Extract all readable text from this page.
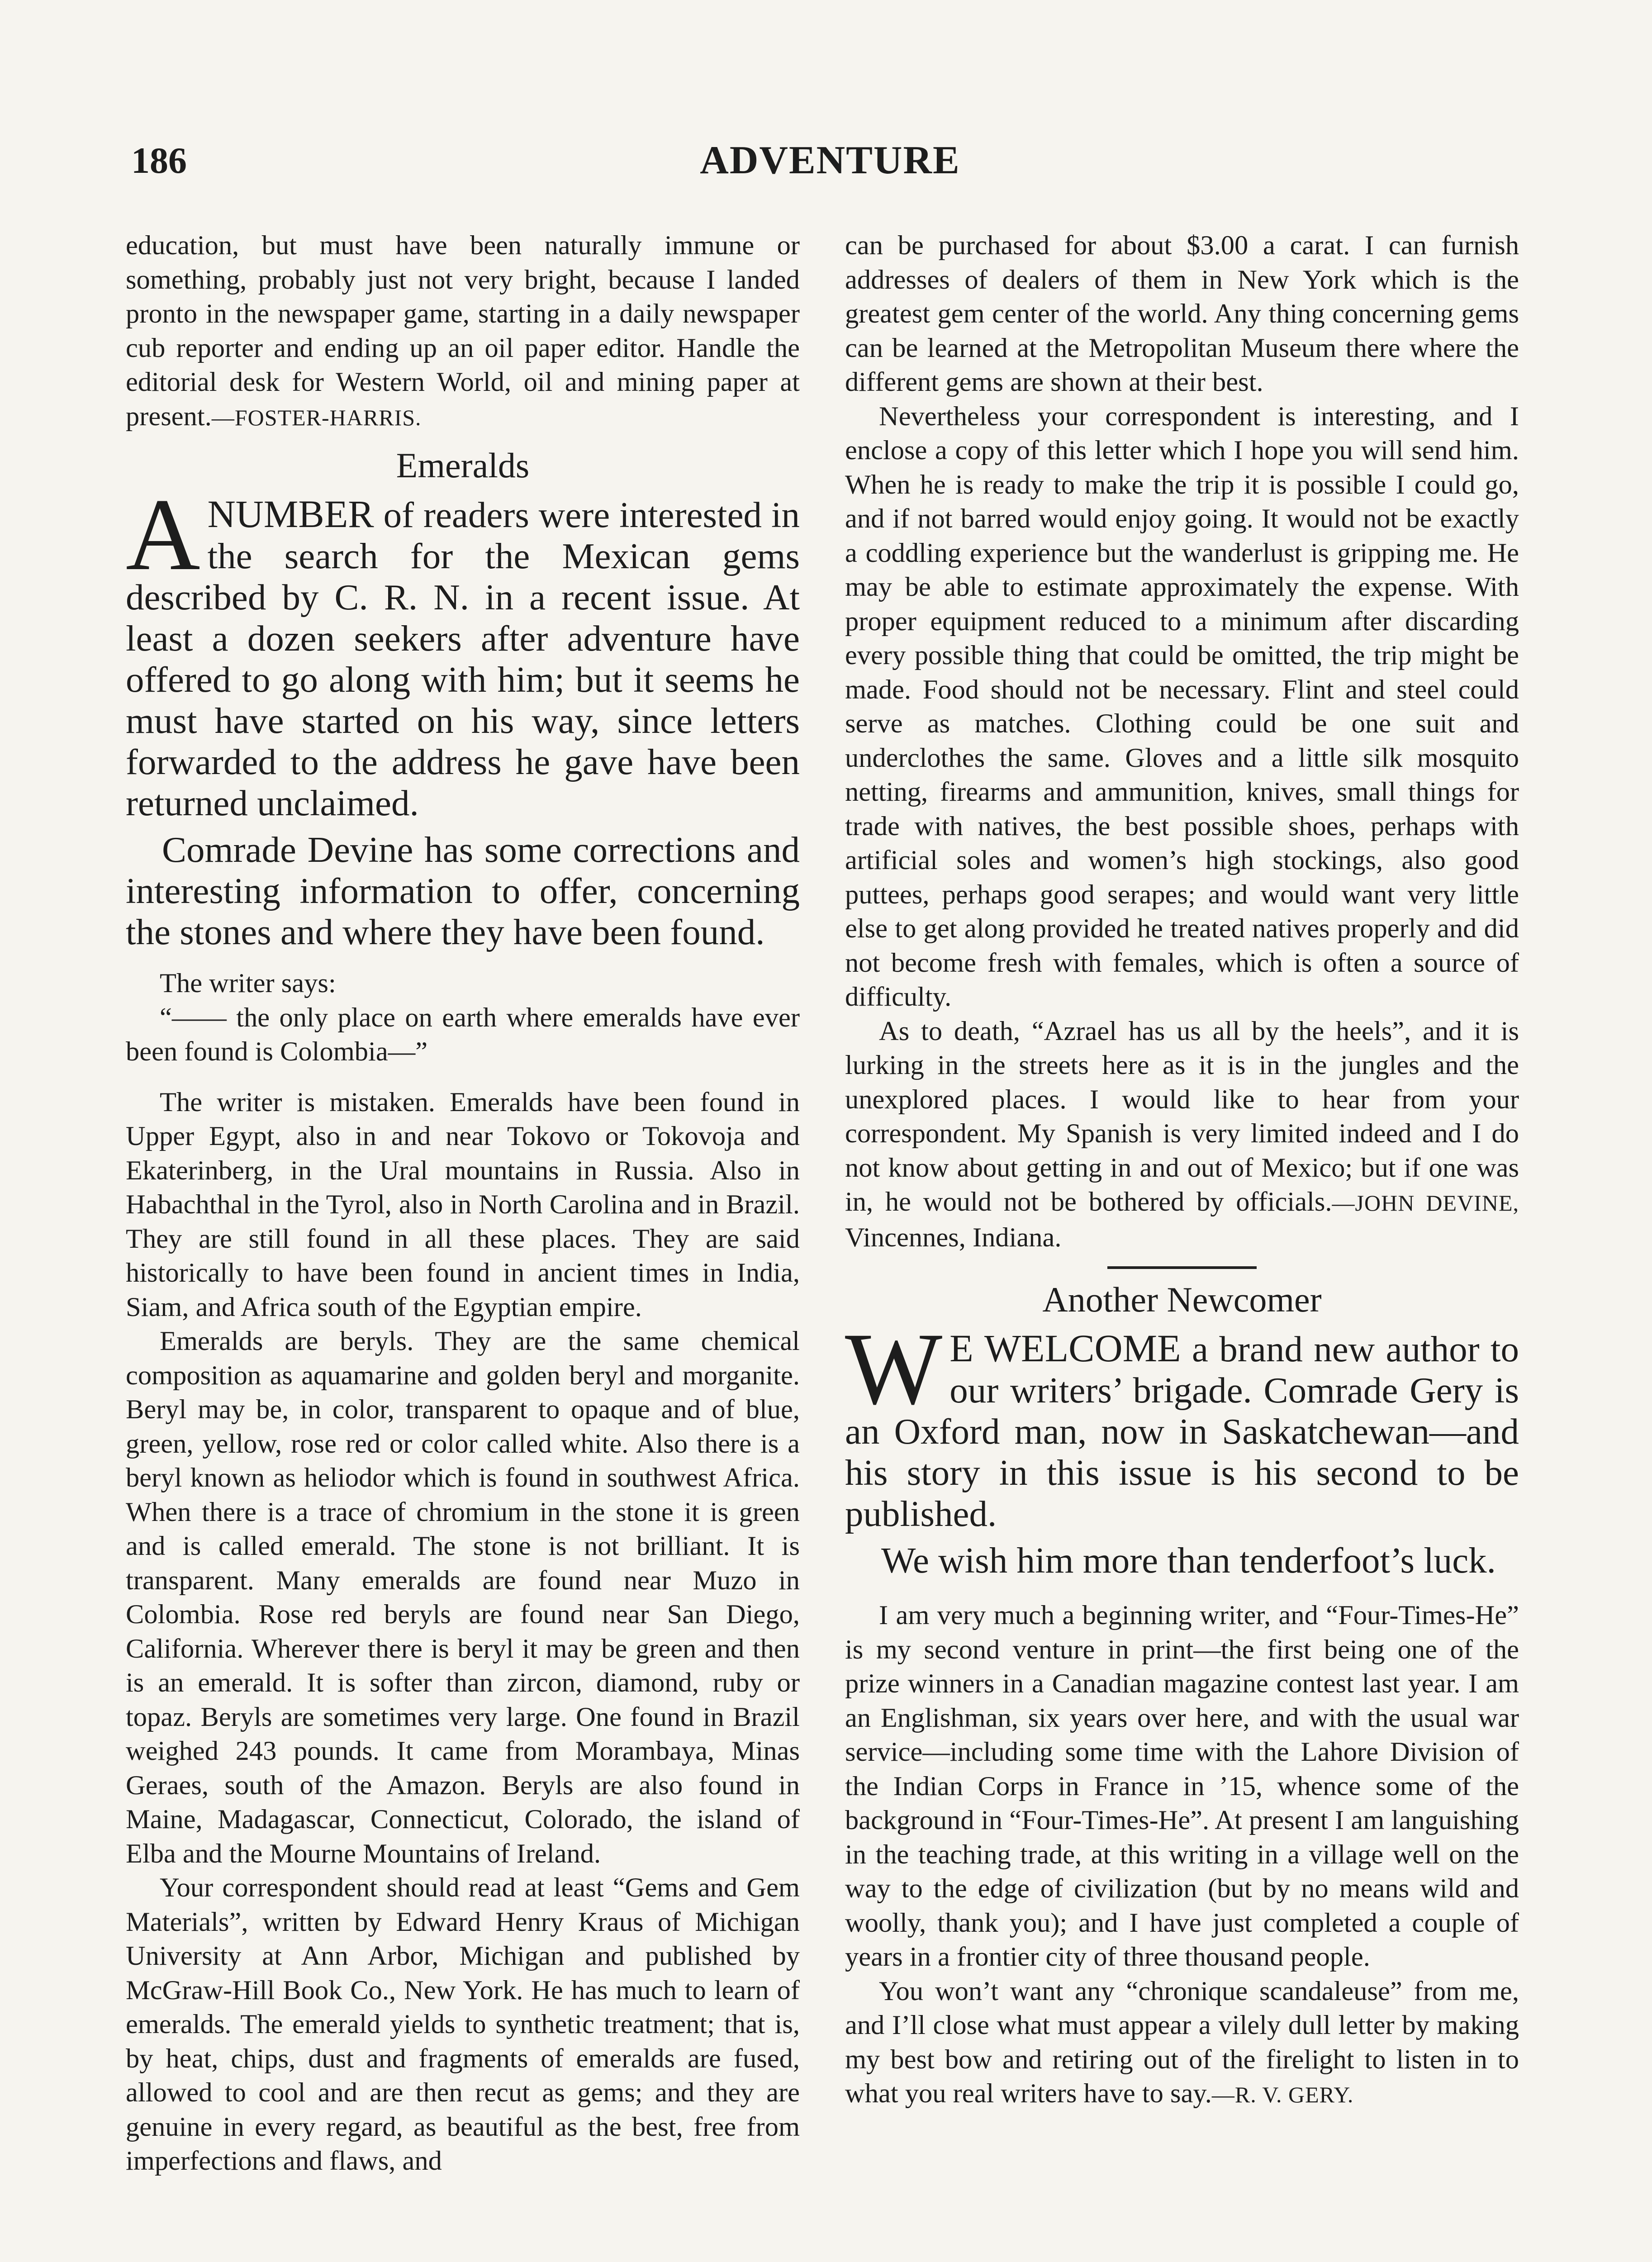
186	ADVENTURE

education, but must have been naturally immune or something, probably just not very bright, because I landed pronto in the newspaper game, starting in a daily newspaper cub reporter and ending up an oil paper editor. Handle the editorial desk for Western World, oil and mining paper at present.—FOSTER-HARRIS.

Emeralds

ANUMBER of readers were interested in the search for the Mexican gems described by C. R. N. in a recent issue. At least a dozen seekers after adventure have offered to go along with him; but it seems he must have started on his way, since letters forwarded to the address he gave have been returned unclaimed.

Comrade Devine has some corrections and interesting information to offer, concerning the stones and where they have been found.

The writer says:

“—— the only place on earth where emeralds have ever been found is Colombia—”

The writer is mistaken. Emeralds have been found in Upper Egypt, also in and near Tokovo or Tokovoja and Ekaterinberg, in the Ural mountains in Russia. Also in Habachthal in the Tyrol, also in North Carolina and in Brazil. They are still found in all these places. They are said historically to have been found in ancient times in India, Siam, and Africa south of the Egyptian empire.

Emeralds are beryls. They are the same chemical composition as aquamarine and golden beryl and morganite. Beryl may be, in color, transparent to opaque and of blue, green, yellow, rose red or color called white. Also there is a beryl known as heliodor which is found in southwest Africa. When there is a trace of chromium in the stone it is green and is called emerald. The stone is not brilliant. It is transparent. Many emeralds are found near Muzo in Colombia. Rose red beryls are found near San Diego, California. Wherever there is beryl it may be green and then is an emerald. It is softer than zircon, diamond, ruby or topaz. Beryls are sometimes very large. One found in Brazil weighed 243 pounds. It came from Morambaya, Minas Geraes, south of the Amazon. Beryls are also found in Maine, Madagascar, Connecticut, Colorado, the island of Elba and the Mourne Mountains of Ireland.

Your correspondent should read at least “Gems and Gem Materials”, written by Edward Henry Kraus of Michigan University at Ann Arbor, Michigan and published by McGraw-Hill Book Co., New York. He has much to learn of emeralds. The emerald yields to synthetic treatment; that is, by heat, chips, dust and fragments of emeralds are fused, allowed to cool and are then recut as gems; and they are genuine in every regard, as beautiful as the best, free from imperfections and flaws, and

can be purchased for about $3.00 a carat. I can furnish addresses of dealers of them in New York which is the greatest gem center of the world. Any thing concerning gems can be learned at the Metropolitan Museum there where the different gems are shown at their best.

Nevertheless your correspondent is interesting, and I enclose a copy of this letter which I hope you will send him. When he is ready to make the trip it is possible I could go, and if not barred would enjoy going. It would not be exactly a coddling experience but the wanderlust is gripping me. He may be able to estimate approximately the expense. With proper equipment reduced to a minimum after discarding every possible thing that could be omitted, the trip might be made. Food should not be necessary. Flint and steel could serve as matches. Clothing could be one suit and underclothes the same. Gloves and a little silk mosquito netting, firearms and ammunition, knives, small things for trade with natives, the best possible shoes, perhaps with artificial soles and women’s high stockings, also good puttees, perhaps good serapes; and would want very little else to get along provided he treated natives properly and did not become fresh with females, which is often a source of difficulty.

As to death, “Azrael has us all by the heels”, and it is lurking in the streets here as it is in the jungles and the unexplored places. I would like to hear from your correspondent. My Spanish is very limited indeed and I do not know about getting in and out of Mexico; but if one was in, he would not be bothered by officials.—JOHN DEVINE, Vincennes, Indiana.

Another Newcomer

W E WELCOME a brand new author to our writers’ brigade. Comrade Gery is an Oxford man, now in Saskatchewan—and his story in this issue is his second to be published.

We wish him more than tenderfoot’s luck.

I am very much a beginning writer, and “Four-Times-He” is my second venture in print—the first being one of the prize winners in a Canadian magazine contest last year. I am an Englishman, six years over here, and with the usual war service—including some time with the Lahore Division of the Indian Corps in France in ’15, whence some of the background in “Four-Times-He”. At present I am languishing in the teaching trade, at this writing in a village well on the way to the edge of civilization (but by no means wild and woolly, thank you); and I have just completed a couple of years in a frontier city of three thousand people.

You won’t want any “chronique scandaleuse” from me, and I’ll close what must appear a vilely dull letter by making my best bow and retiring out of the firelight to listen in to what you real writers have to say.—R. V. GERY.
